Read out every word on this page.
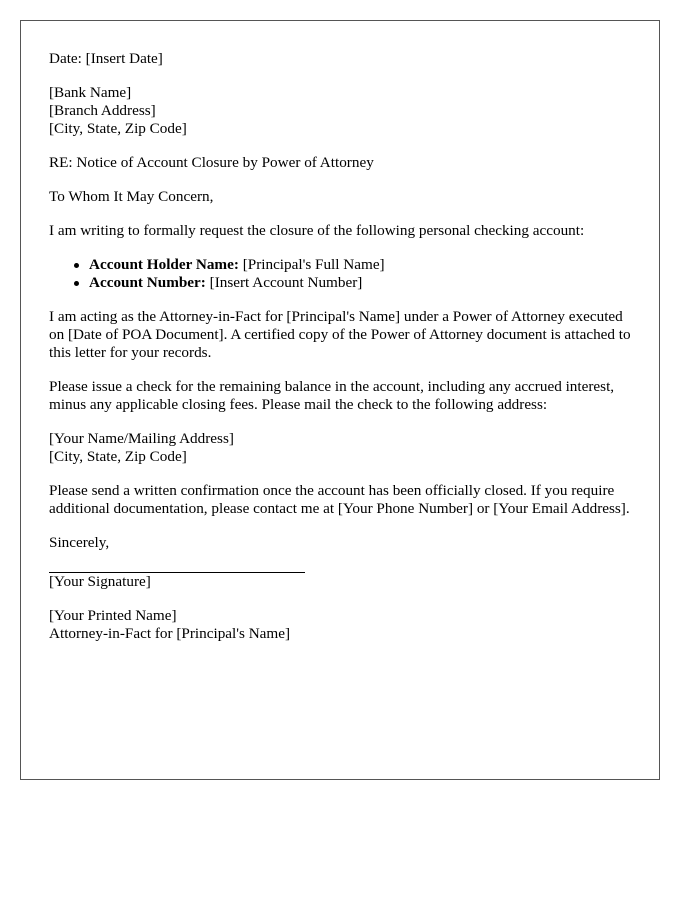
Date: [Insert Date]

[Bank Name]
[Branch Address]
[City, State, Zip Code]

RE: Notice of Account Closure by Power of Attorney

To Whom It May Concern,

I am writing to formally request the closure of the following personal checking account:

Account Holder Name: [Principal's Full Name]
Account Number: [Insert Account Number]

I am acting as the Attorney-in-Fact for [Principal's Name] under a Power of Attorney executed on [Date of POA Document]. A certified copy of the Power of Attorney document is attached to this letter for your records.

Please issue a check for the remaining balance in the account, including any accrued interest, minus any applicable closing fees. Please mail the check to the following address:

[Your Name/Mailing Address]
[City, State, Zip Code]

Please send a written confirmation once the account has been officially closed. If you require additional documentation, please contact me at [Your Phone Number] or [Your Email Address].

Sincerely,

[Your Signature]
[Your Printed Name]
Attorney-in-Fact for [Principal's Name]
